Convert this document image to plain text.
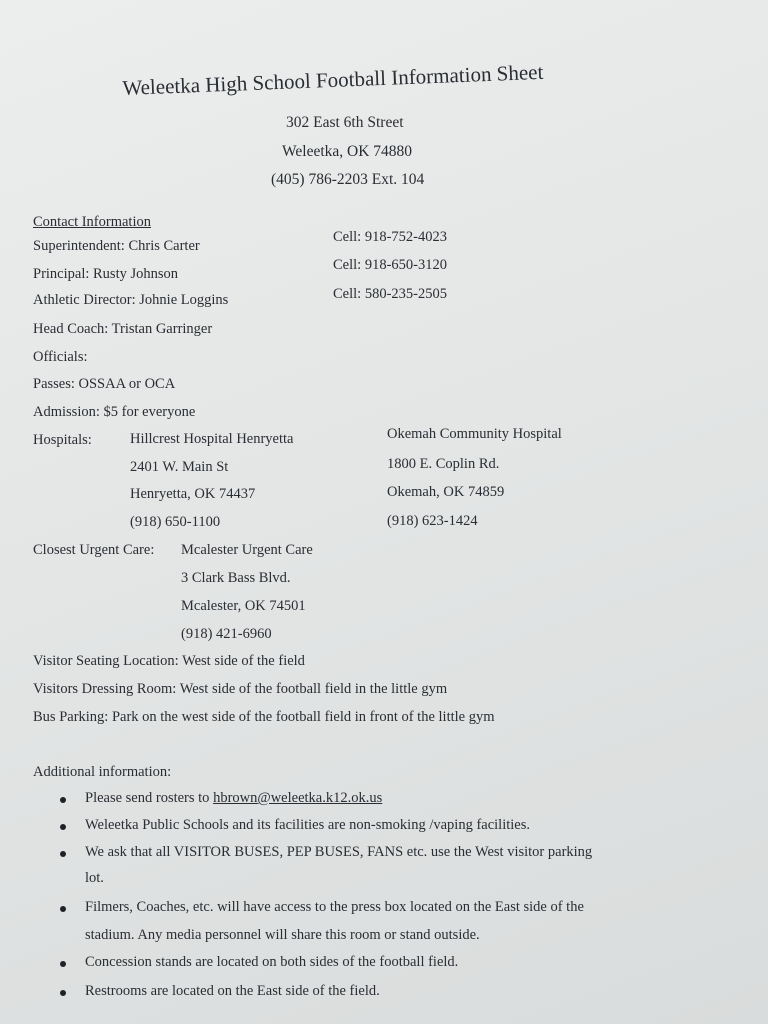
Weleetka High School Football Information Sheet
302 East 6th Street
Weleetka, OK 74880
(405) 786-2203 Ext. 104
Contact Information
Superintendent: Chris Carter
Cell: 918-752-4023
Principal: Rusty Johnson
Cell: 918-650-3120
Athletic Director: Johnie Loggins	Cell: 580-235-2505
Head Coach: Tristan Garringer
Officials:
Passes: OSSAA or OCA
Admission: $5 for everyone
Hospitals:	Hillcrest Hospital Henryetta
2401 W. Main St
Henryetta, OK 74437
(918) 650-1100
Okemah Community Hospital
1800 E. Coplin Rd.
Okemah, OK 74859
(918) 623-1424
Closest Urgent Care: Mcalester Urgent Care
3 Clark Bass Blvd.
Mcalester, OK 74501
(918) 421-6960
Visitor Seating Location: West side of the field
Visitors Dressing Room: West side of the football field in the little gym
Bus Parking: Park on the west side of the football field in front of the little gym
Additional information:
Please send rosters to hbrown@weleetka.k12.ok.us
Weleetka Public Schools and its facilities are non-smoking /vaping facilities.
We ask that all VISITOR BUSES, PEP BUSES, FANS etc. use the West visitor parking
lot.
Filmers, Coaches, etc. will have access to the press box located on the East side of the
stadium. Any media personnel will share this room or stand outside.
Concession stands are located on both sides of the football field.
Restrooms are located on the East side of the field.
